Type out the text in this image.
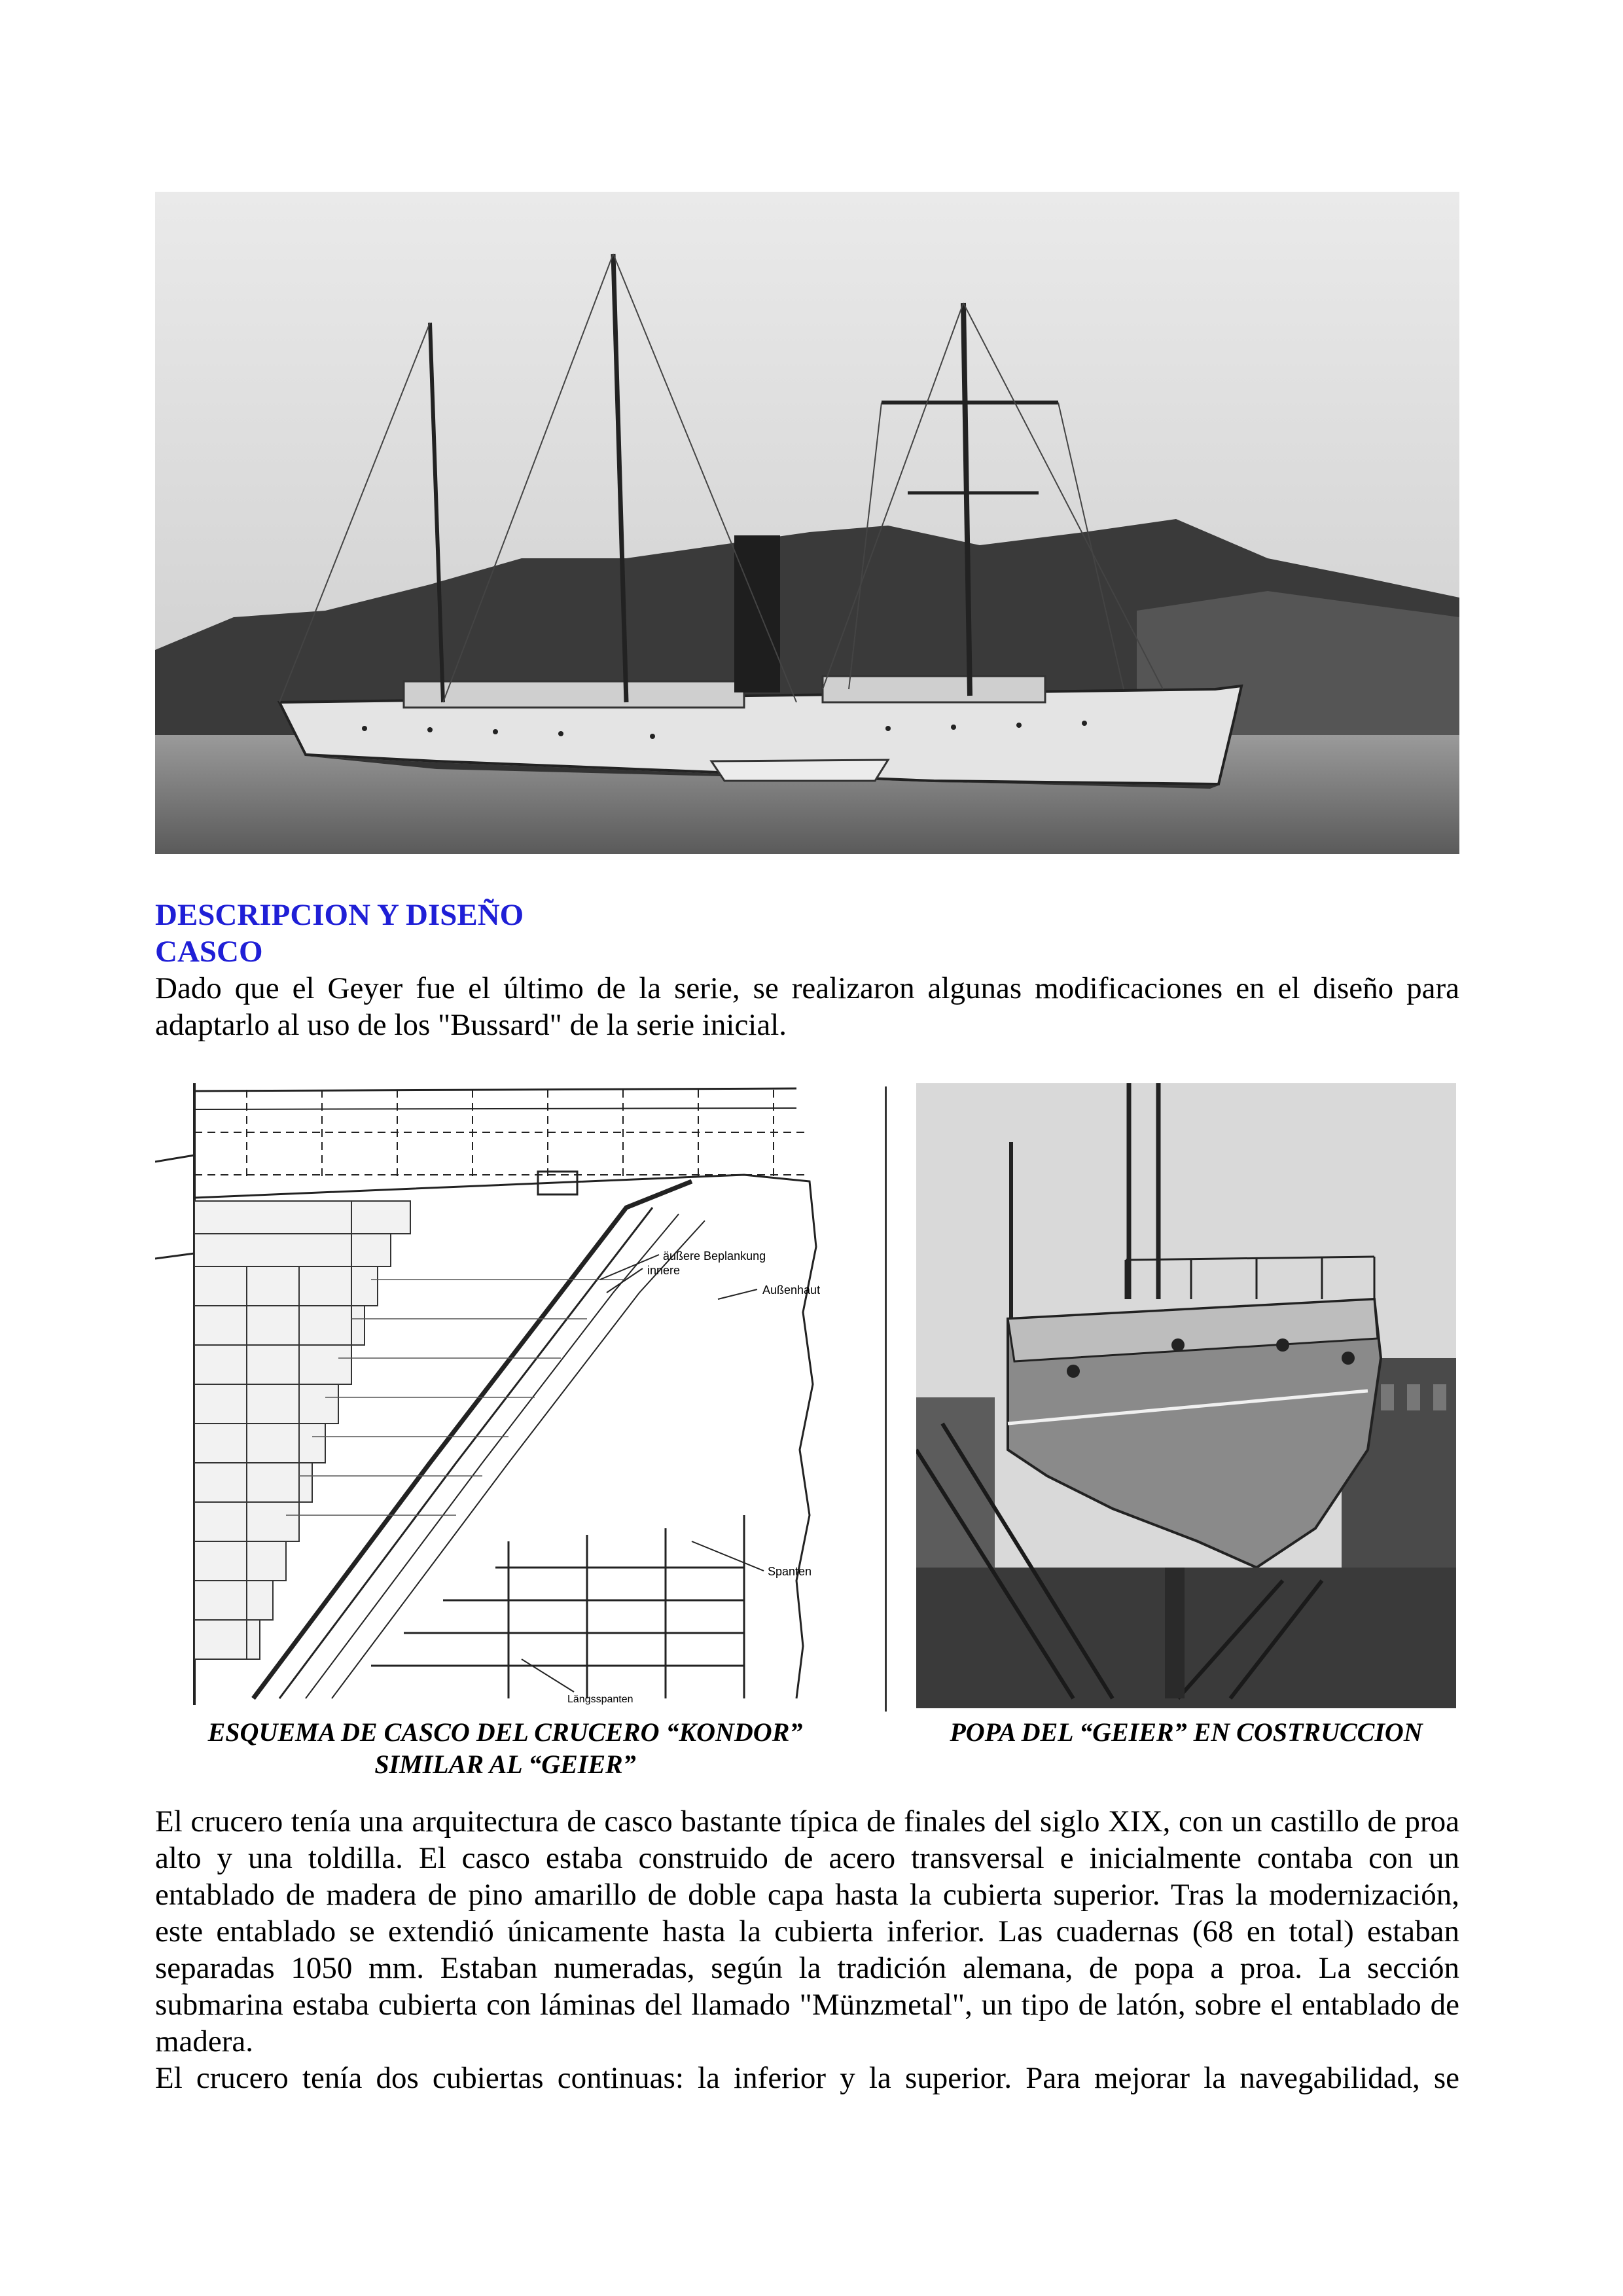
DESCRIPCION Y DISEÑO
CASCO
Dado que el Geyer fue el último de la serie, se realizaron algunas modificaciones en el diseño para adaptarlo al uso de los "Bussard" de la serie inicial.
äußere Beplankung
innere
Außenhaut
Spanten
Längsspanten
ESQUEMA DE CASCO DEL CRUCERO “KONDOR”
SIMILAR AL “GEIER”
POPA DEL “GEIER” EN COSTRUCCION
El crucero tenía una arquitectura de casco bastante típica de finales del siglo XIX, con un castillo de proa alto y una toldilla. El casco estaba construido de acero transversal e inicialmente contaba con un entablado de madera de pino amarillo de doble capa hasta la cubierta superior. Tras la modernización, este entablado se extendió únicamente hasta la cubierta inferior. Las cuadernas (68 en total) estaban separadas 1050 mm. Estaban numeradas, según la tradición alemana, de popa a proa. La sección submarina estaba cubierta con láminas del llamado "Münzmetal", un tipo de latón, sobre el entablado de madera.
El crucero tenía dos cubiertas continuas: la inferior y la superior. Para mejorar la navegabilidad, se
